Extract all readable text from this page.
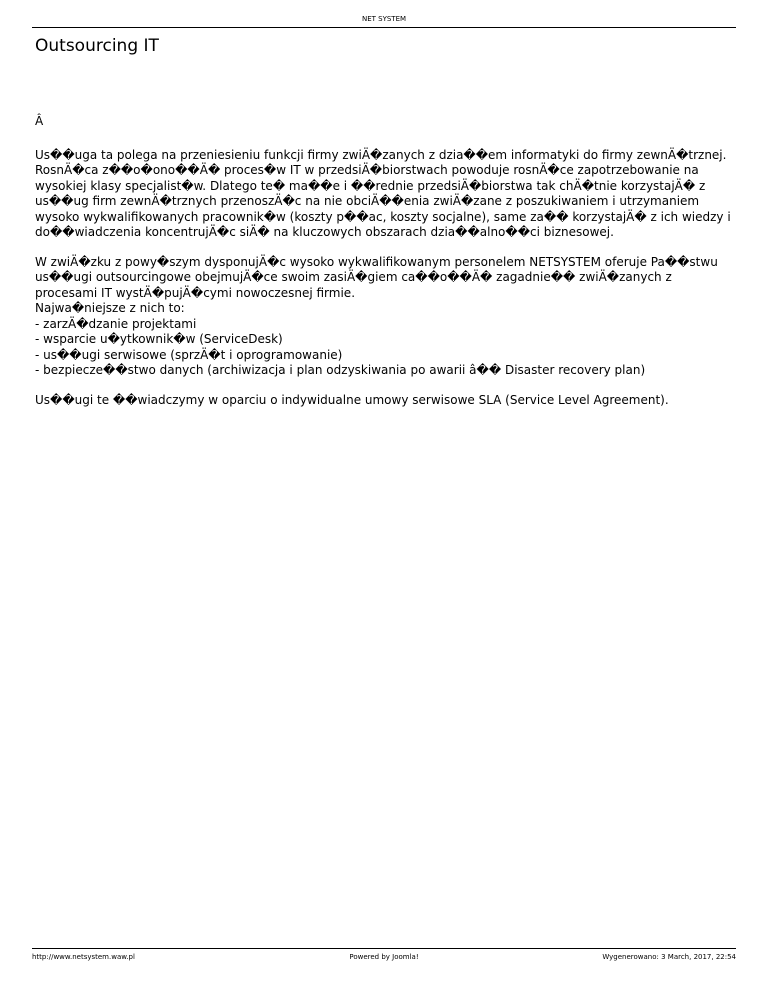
NET SYSTEM
Outsourcing IT

Â

Us��uga ta polega na przeniesieniu funkcji firmy zwiÄ�zanych z dzia��em informatyki do firmy zewnÄ�trznej. RosnÄ�ca z��o�ono��Ä� proces�w IT w przedsiÄ�biorstwach powoduje rosnÄ�ce zapotrzebowanie na wysokiej klasy specjalist�w. Dlatego te� ma��e i ��rednie przedsiÄ�biorstwa tak chÄ�tnie korzystajÄ� z us��ug firm zewnÄ�trznych przenoszÄ�c na nie obciÄ��enia zwiÄ�zane z poszukiwaniem i utrzymaniem wysoko wykwalifikowanych pracownik�w (koszty p��ac, koszty socjalne), same za�� korzystajÄ� z ich wiedzy i do��wiadczenia koncentrujÄ�c siÄ� na kluczowych obszarach dzia��alno��ci biznesowej.

W zwiÄ�zku z powy�szym dysponujÄ�c wysoko wykwalifikowanym personelem NETSYSTEM oferuje Pa��stwu us��ugi outsourcingowe obejmujÄ�ce swoim zasiÄ�giem ca��o��Ä� zagadnie�� zwiÄ�zanych z procesami IT wystÄ�pujÄ�cymi nowoczesnej firmie.
Najwa�niejsze z nich to:
- zarzÄ�dzanie projektami
- wsparcie u�ytkownik�w (ServiceDesk)
- us��ugi serwisowe (sprzÄ�t i oprogramowanie)
- bezpiecze��stwo danych (archiwizacja i plan odzyskiwania po awarii â�� Disaster recovery plan)

Us��ugi te ��wiadczymy w oparciu o indywidualne umowy serwisowe SLA (Service Level Agreement).

http://www.netsystem.waw.pl	Powered by Joomla!	Wygenerowano: 3 March, 2017, 22:54
